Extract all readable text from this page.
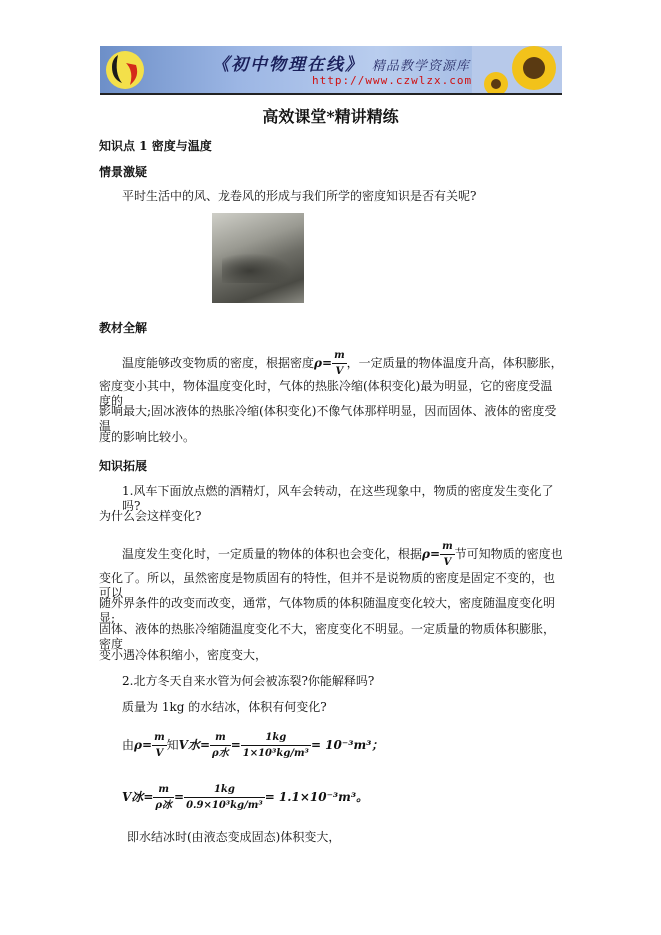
《初中物理在线》 精品教学资源库
http://www.czwlzx.com
高效课堂*精讲精练
知识点 1 密度与温度
情景激疑
平时生活中的风、龙卷风的形成与我们所学的密度知识是否有关呢?
教材全解
温度能够改变物质的密度，根据密度$\rho= \frac{m}{V}$ ，一定质量的物体温度升高，体积膨胀，
密度变小其中，物体温度变化时，气体的热胀冷缩(体积变化)最为明显，它的密度受温度的
影响最大;固冰液体的热胀冷缩(体积变化)不像气体那样明显，因而固体、液体的密度受温
度的影响比较小。
知识拓展
1.风车下面放点燃的酒精灯，风车会转动，在这些现象中，物质的密度发生变化了吗?
为什么会这样变化?
温度发生变化时，一定质量的物体的体积也会变化，根据$\rho= \frac{m}{V}$ 节可知物质的密度也
变化了。所以，虽然密度是物质固有的特性，但并不是说物质的密度是固定不变的，也可以
随外界条件的改变而改变，通常，气体物质的体积随温度变化较大，密度随温度变化明显;
固体、液体的热胀冷缩随温度变化不大，密度变化不明显。一定质量的物质体积膨胀，密度
变小遇冷体积缩小，密度变大，
2.北方冬天自来水管为何会被冻裂?你能解释吗?
质量为 1kg 的水结冰，体积有何变化?
由$\rho= \frac{m}{V}$ 知V水= $\frac{m}{\text{ρ水}} = \frac{1kg}{\text{1×10³kg/m³}} = 10^{-3}m^3$；
V冰= $\frac{m}{\text{ρ冰}} = \frac{1kg}{\text{0.9×10³kg/m³}} = 1.1\times 10^{-3}m^3$。
即水结冰时(由液态变成固态)体积变大，
